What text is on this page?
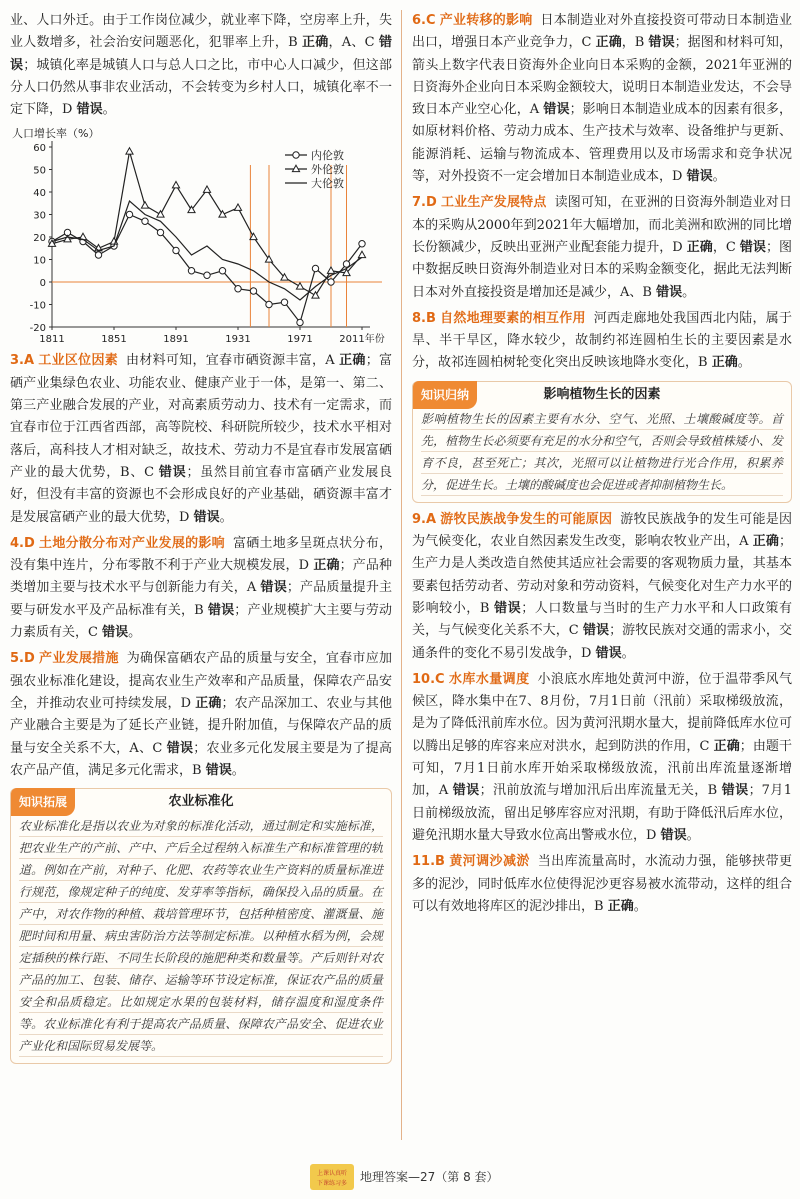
业、人口外迁。由于工作岗位减少，就业率下降，空房率上升，失业人数增多，社会治安问题恶化，犯罪率上升，B 正确，A、C 错误；城镇化率是城镇人口与总人口之比，市中心人口减少，但这部分人口仍然从事非农业活动，不会转变为乡村人口，城镇化率不一定下降，D 错误。

人口增长率（%）
-20
-10
0
10
20
30
40
50
60
1811	1851	1891	1931	1971	2011年份
内伦敦
外伦敦
大伦敦

3.A 工业区位因素 由材料可知，宜春市硒资源丰富，A 正确；富硒产业集绿色农业、功能农业、健康产业于一体，是第一、第二、第三产业融合发展的产业，对高素质劳动力、技术有一定需求，而宜春市位于江西省西部，高等院校、科研院所较少，技术水平相对落后，高科技人才相对缺乏，故技术、劳动力不是宜春市发展富硒产业的最大优势，B、C 错误；虽然目前宜春市富硒产业发展良好，但没有丰富的资源也不会形成良好的产业基础，硒资源丰富才是发展富硒产业的最大优势，D 错误。

4.D 土地分散分布对产业发展的影响 富硒土地多呈斑点状分布，没有集中连片，分布零散不利于产业大规模发展，D 正确；产品种类增加主要与技术水平与创新能力有关，A 错误；产品质量提升主要与研发水平及产品标准有关，B 错误；产业规模扩大主要与劳动力素质有关，C 错误。

5.D 产业发展措施 为确保富硒农产品的质量与安全，宜春市应加强农业标准化建设，提高农业生产效率和产品质量，保障农产品安全，并推动农业可持续发展，D 正确；农产品深加工、农业与其他产业融合主要是为了延长产业链，提升附加值，与保障农产品的质量与安全关系不大，A、C 错误；农业多元化发展主要是为了提高农产品产值，满足多元化需求，B 错误。

知识拓展	农业标准化
农业标准化是指以农业为对象的标准化活动，通过制定和实施标准，把农业生产的产前、产中、产后全过程纳入标准生产和标准管理的轨道。例如在产前，对种子、化肥、农药等农业生产资料的质量标准进行规范，像规定种子的纯度、发芽率等指标，确保投入品的质量。在产中，对农作物的种植、栽培管理环节，包括种植密度、灌溉量、施肥时间和用量、病虫害防治方法等制定标准。以种植水稻为例，会规定插秧的株行距、不同生长阶段的施肥种类和数量等。产后则针对农产品的加工、包装、储存、运输等环节设定标准，保证农产品的质量安全和品质稳定。比如规定水果的包装材料，储存温度和湿度条件等。农业标准化有利于提高农产品质量、保障农产品安全、促进农业产业化和国际贸易发展等。

6.C 产业转移的影响 日本制造业对外直接投资可带动日本制造业出口，增强日本产业竞争力，C 正确，B 错误；据图和材料可知，箭头上数字代表日资海外企业向日本采购的金额，2021年亚洲的日资海外企业向日本采购金额较大，说明日本制造业发达，不会导致日本产业空心化，A 错误；影响日本制造业成本的因素有很多，如原材料价格、劳动力成本、生产技术与效率、设备维护与更新、能源消耗、运输与物流成本、管理费用以及市场需求和竞争状况等，对外投资不一定会增加日本制造业成本，D 错误。

7.D 工业生产发展特点 读图可知，在亚洲的日资海外制造业对日本的采购从2000年到2021年大幅增加，而北美洲和欧洲的同比增长份额减少，反映出亚洲产业配套能力提升，D 正确，C 错误；图中数据反映日资海外制造业对日本的采购金额变化，据此无法判断日本对外直接投资是增加还是减少，A、B 错误。

8.B 自然地理要素的相互作用 河西走廊地处我国西北内陆，属于旱、半干旱区，降水较少，故制约祁连圆柏生长的主要因素是水分，故祁连圆柏树轮变化突出反映该地降水变化，B 正确。

知识归纳	影响植物生长的因素
影响植物生长的因素主要有水分、空气、光照、土壤酸碱度等。首先，植物生长必须要有充足的水分和空气，否则会导致植株矮小、发育不良，甚至死亡；其次，光照可以让植物进行光合作用，积累养分，促进生长。土壤的酸碱度也会促进或者抑制植物生长。

9.A 游牧民族战争发生的可能原因 游牧民族战争的发生可能是因为气候变化，农业自然因素发生改变，影响农牧业产出，A 正确；生产力是人类改造自然使其适应社会需要的客观物质力量，其基本要素包括劳动者、劳动对象和劳动资料，气候变化对生产力水平的影响较小，B 错误；人口数量与当时的生产力水平和人口政策有关，与气候变化关系不大，C 错误；游牧民族对交通的需求小，交通条件的变化不易引发战争，D 错误。

10.C 水库水量调度 小浪底水库地处黄河中游，位于温带季风气候区，降水集中在7、8月份，7月1日前（汛前）采取梯级放流，是为了降低汛前库水位。因为黄河汛期水量大，提前降低库水位可以腾出足够的库容来应对洪水，起到防洪的作用，C 正确；由题干可知，7月1日前水库开始采取梯级放流，汛前出库流量逐渐增加，A 错误；汛前放流与增加汛后出库流量无关，B 错误；7月1日前梯级放流，留出足够库容应对汛期，有助于降低汛后库水位，避免汛期水量大导致水位高出警戒水位，D 错误。

11.B 黄河调沙减淤 当出库流量高时，水流动力强，能够挟带更多的泥沙，同时低库水位使得泥沙更容易被水流带动，这样的组合可以有效地将库区的泥沙排出，B 正确。

上课认真听
下课练习多 地理答案—27（第 8 套）
